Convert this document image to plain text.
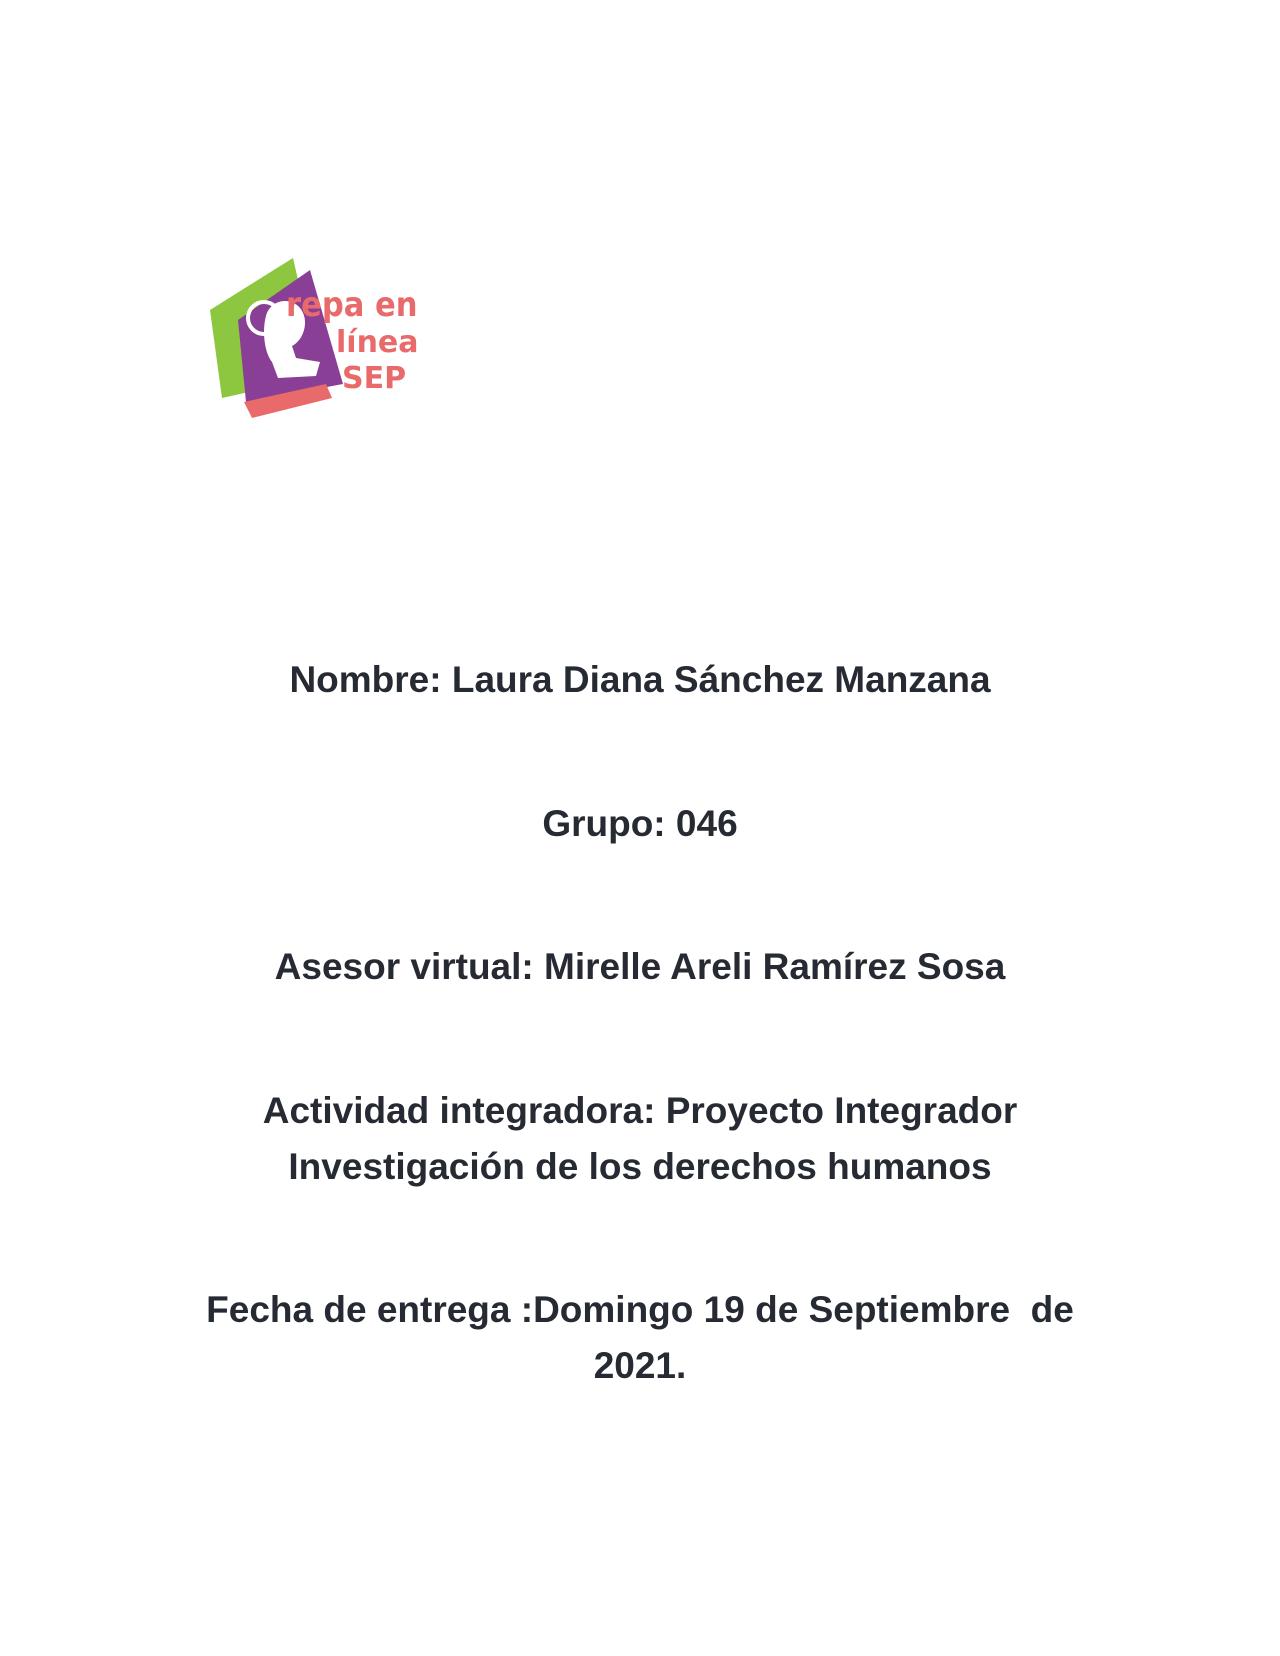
repa en
línea
SEP
Nombre: Laura Diana Sánchez Manzana
Grupo: 046
Asesor virtual: Mirelle Areli Ramírez Sosa
Actividad integradora: Proyecto Integrador
Investigación de los derechos humanos
Fecha de entrega :Domingo 19 de Septiembre  de
2021.
